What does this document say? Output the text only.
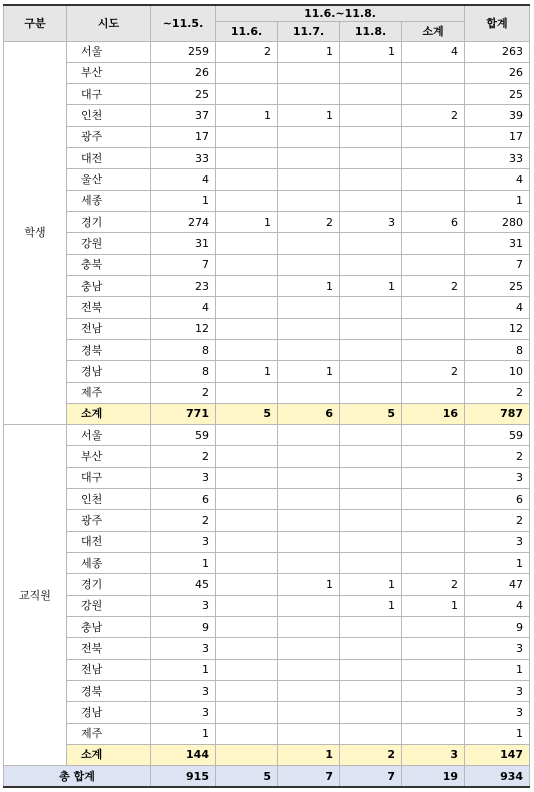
구분	시도	~11.5.	11.6.~11.8.				합계
			11.6.	11.7.	11.8.	소계	
학생	서울	259	2	1	1	4	263
	부산	26					26
	대구	25					25
	인천	37	1	1		2	39
	광주	17					17
	대전	33					33
	울산	4					4
	세종	1					1
	경기	274	1	2	3	6	280
	강원	31					31
	충북	7					7
	충남	23		1	1	2	25
	전북	4					4
	전남	12					12
	경북	8					8
	경남	8	1	1		2	10
	제주	2					2
	소계	771	5	6	5	16	787
교직원	서울	59					59
	부산	2					2
	대구	3					3
	인천	6					6
	광주	2					2
	대전	3					3
	세종	1					1
	경기	45		1	1	2	47
	강원	3			1	1	4
	충남	9					9
	전북	3					3
	전남	1					1
	경북	3					3
	경남	3					3
	제주	1					1
	소계	144		1	2	3	147
총 합계		915	5	7	7	19	934
